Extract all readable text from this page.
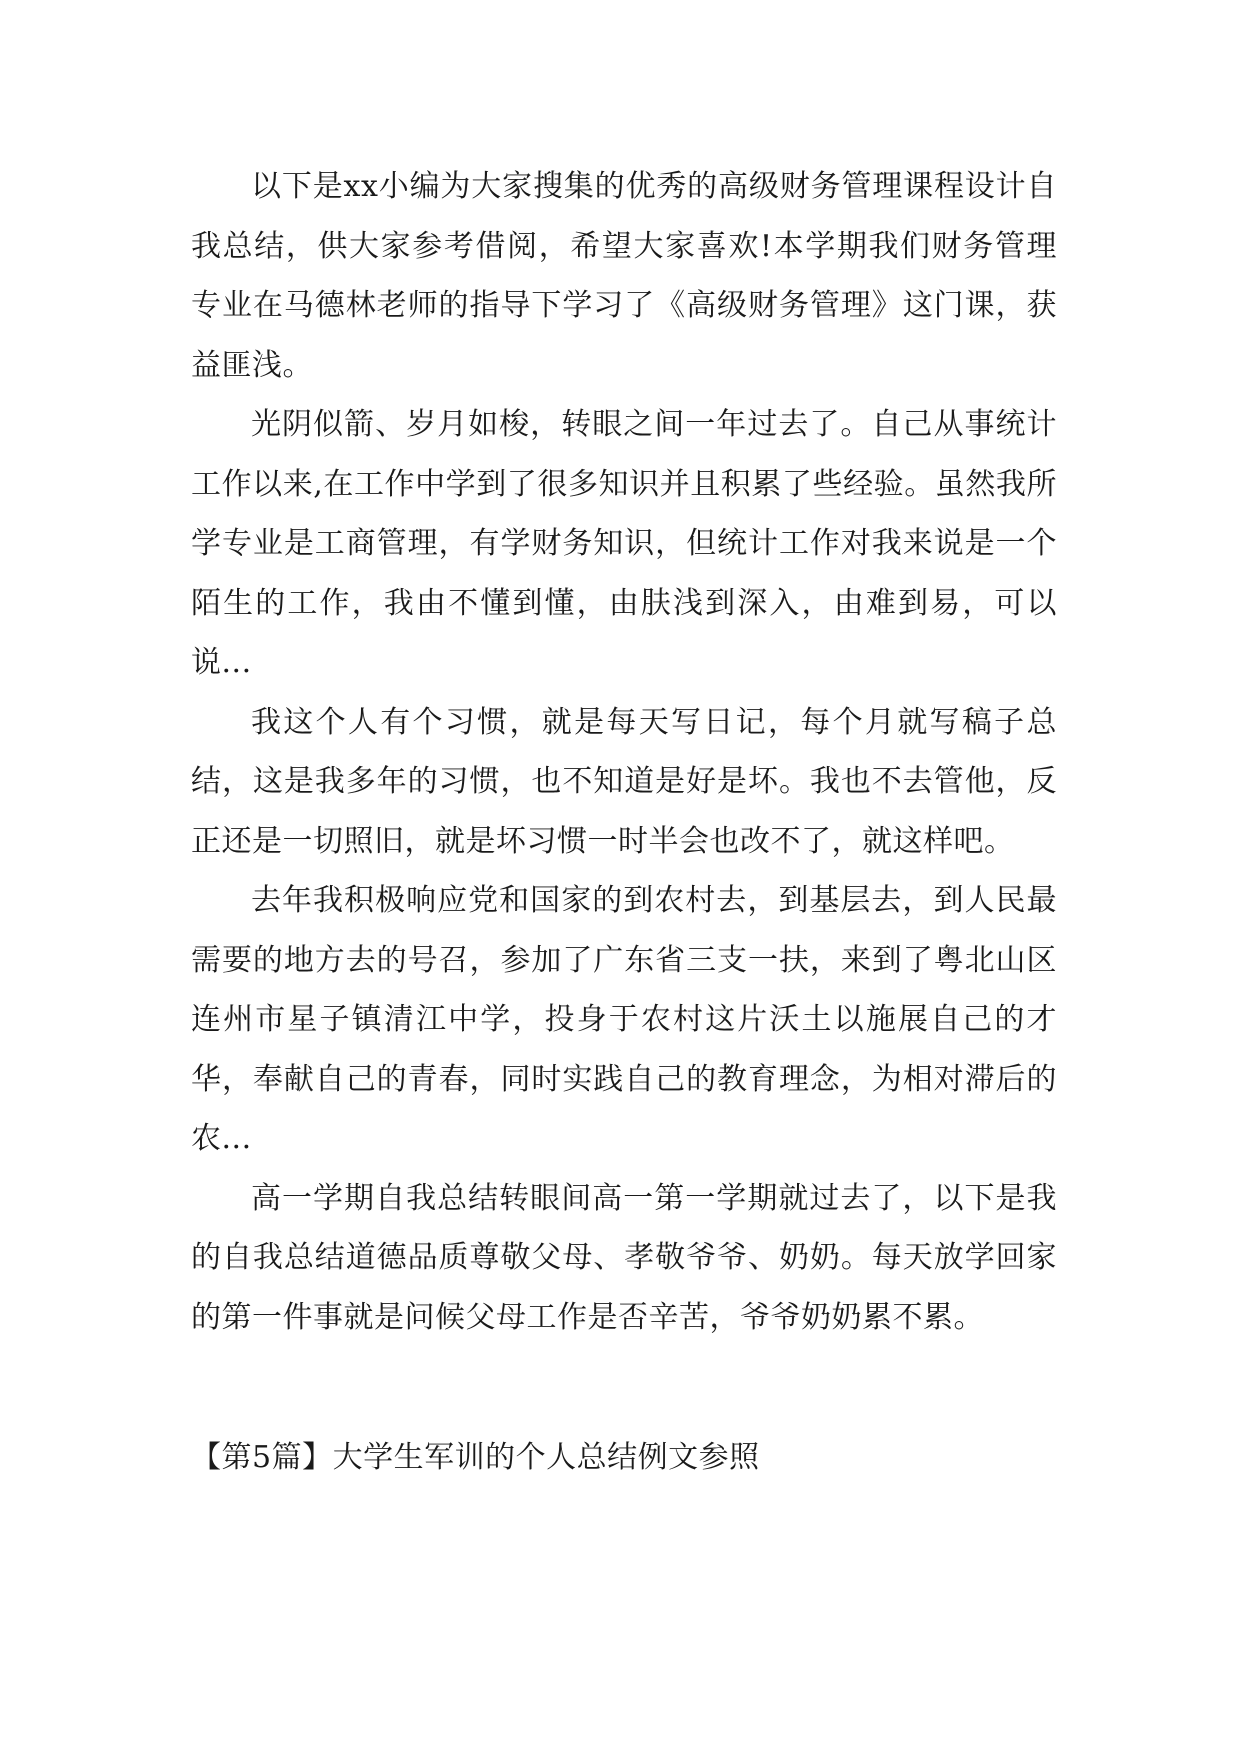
以下是xx小编为大家搜集的优秀的高级财务管理课程设计自我总结，供大家参考借阅，希望大家喜欢!本学期我们财务管理专业在马德林老师的指导下学习了《高级财务管理》这门课，获益匪浅。

光阴似箭、岁月如梭，转眼之间一年过去了。自己从事统计工作以来,在工作中学到了很多知识并且积累了些经验。虽然我所学专业是工商管理，有学财务知识，但统计工作对我来说是一个陌生的工作，我由不懂到懂，由肤浅到深入，由难到易，可以说...

我这个人有个习惯，就是每天写日记，每个月就写稿子总结，这是我多年的习惯，也不知道是好是坏。我也不去管他，反正还是一切照旧，就是坏习惯一时半会也改不了，就这样吧。

去年我积极响应党和国家的到农村去，到基层去，到人民最需要的地方去的号召，参加了广东省三支一扶，来到了粤北山区连州市星子镇清江中学，投身于农村这片沃土以施展自己的才华，奉献自己的青春，同时实践自己的教育理念，为相对滞后的农...

高一学期自我总结转眼间高一第一学期就过去了，以下是我的自我总结道德品质尊敬父母、孝敬爷爷、奶奶。每天放学回家的第一件事就是问候父母工作是否辛苦，爷爷奶奶累不累。

【第5篇】大学生军训的个人总结例文参照
